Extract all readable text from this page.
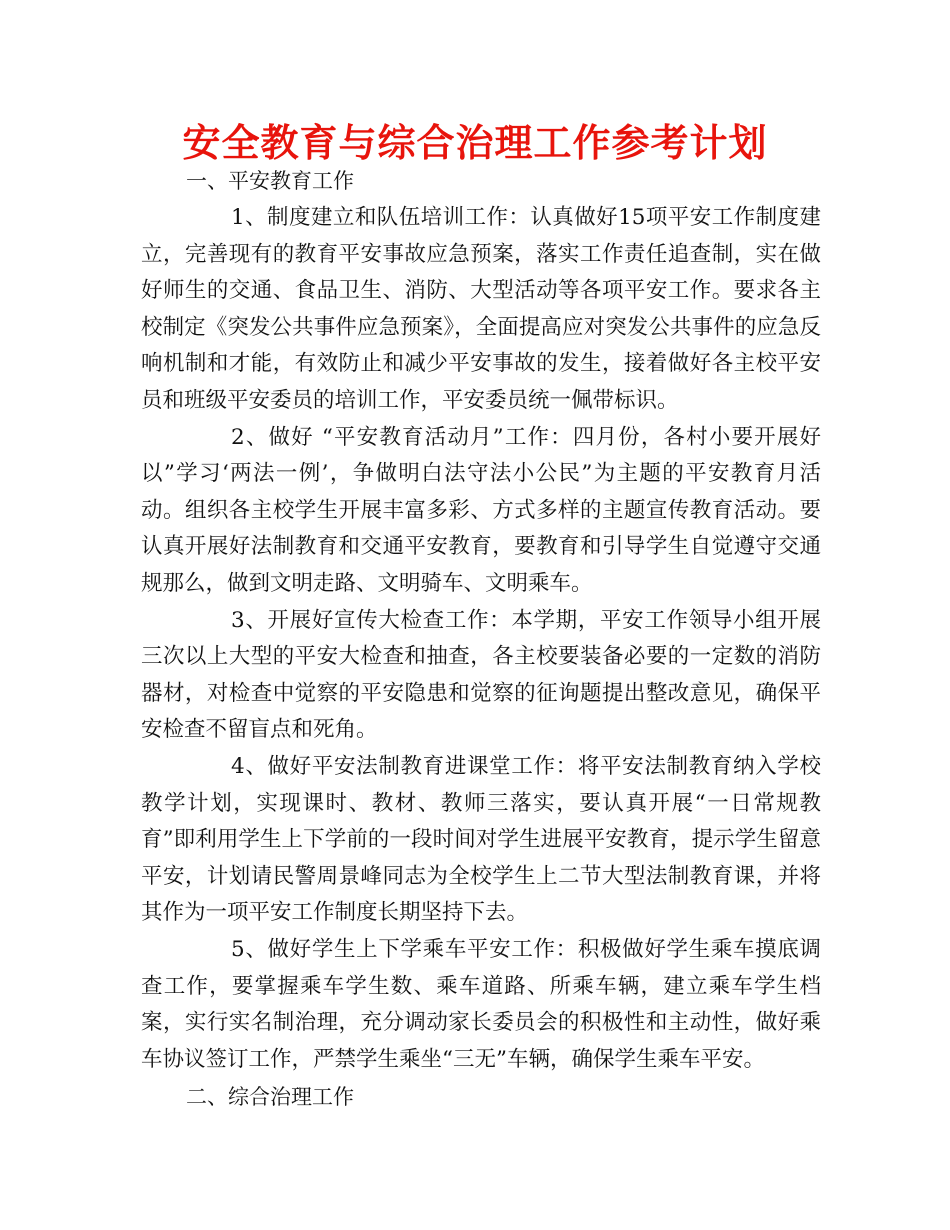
安全教育与综合治理工作参考计划

一、平安教育工作

1、制度建立和队伍培训工作：认真做好15项平安工作制度建立，完善现有的教育平安事故应急预案，落实工作责任追查制，实在做好师生的交通、食品卫生、消防、大型活动等各项平安工作。要求各主校制定《突发公共事件应急预案》，全面提高应对突发公共事件的应急反响机制和才能，有效防止和减少平安事故的发生，接着做好各主校平安员和班级平安委员的培训工作，平安委员统一佩带标识。

2、做好 “平安教育活动月”工作：四月份，各村小要开展好以”学习‘两法一例’，争做明白法守法小公民”为主题的平安教育月活动。组织各主校学生开展丰富多彩、方式多样的主题宣传教育活动。要认真开展好法制教育和交通平安教育，要教育和引导学生自觉遵守交通规那么，做到文明走路、文明骑车、文明乘车。

3、开展好宣传大检查工作：本学期，平安工作领导小组开展三次以上大型的平安大检查和抽查，各主校要装备必要的一定数的消防器材，对检查中觉察的平安隐患和觉察的征询题提出整改意见，确保平安检查不留盲点和死角。

4、做好平安法制教育进课堂工作：将平安法制教育纳入学校教学计划，实现课时、教材、教师三落实，要认真开展“一日常规教育”即利用学生上下学前的一段时间对学生进展平安教育，提示学生留意平安，计划请民警周景峰同志为全校学生上二节大型法制教育课，并将其作为一项平安工作制度长期坚持下去。

5、做好学生上下学乘车平安工作：积极做好学生乘车摸底调查工作，要掌握乘车学生数、乘车道路、所乘车辆，建立乘车学生档案，实行实名制治理，充分调动家长委员会的积极性和主动性，做好乘车协议签订工作，严禁学生乘坐“三无”车辆，确保学生乘车平安。

二、综合治理工作
